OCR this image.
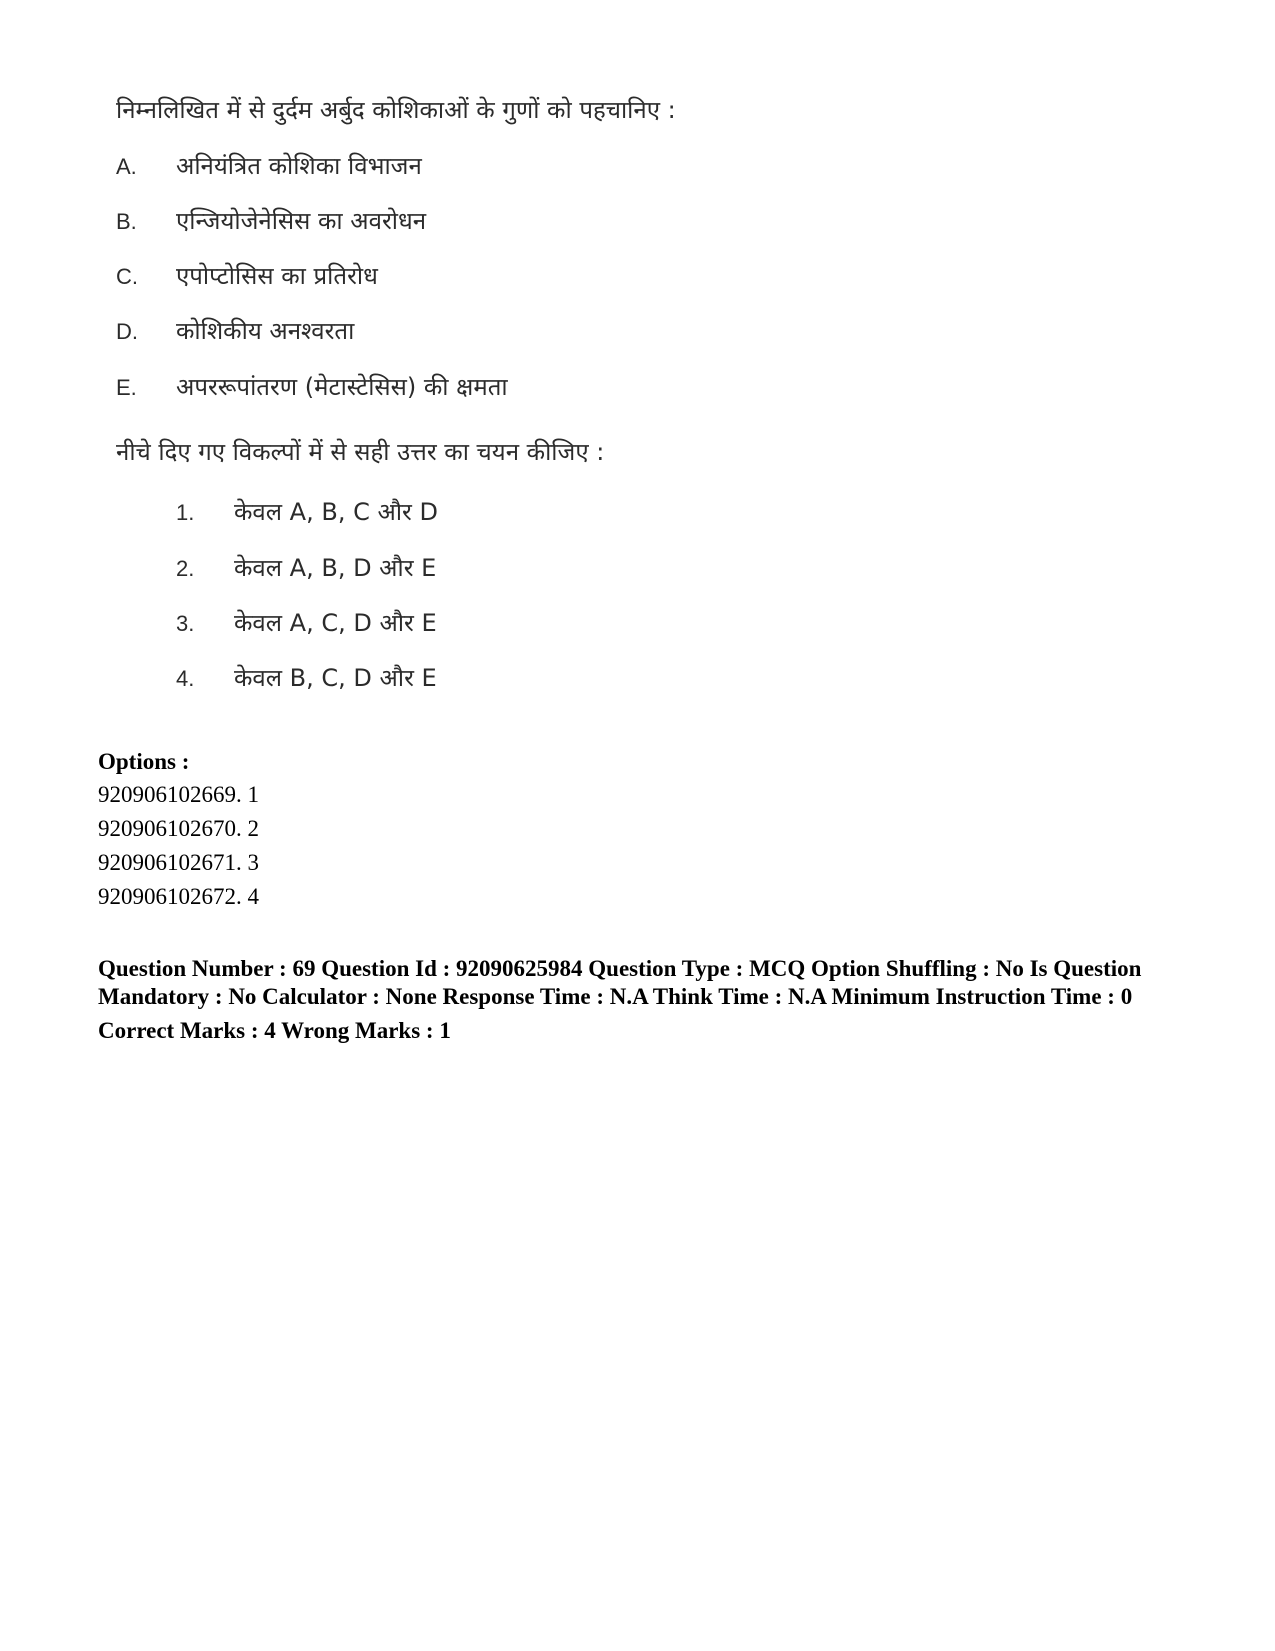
निम्नलिखित में से दुर्दम अर्बुद कोशिकाओं के गुणों को पहचानिए :
A. अनियंत्रित कोशिका विभाजन
B. एन्जियोजेनेसिस का अवरोधन
C. एपोप्टोसिस का प्रतिरोध
D. कोशिकीय अनश्वरता
E. अपररूपांतरण (मेटास्टेसिस) की क्षमता
नीचे दिए गए विकल्पों में से सही उत्तर का चयन कीजिए :
1. केवल A, B, C और D
2. केवल A, B, D और E
3. केवल A, C, D और E
4. केवल B, C, D और E
Options :
920906102669. 1
920906102670. 2
920906102671. 3
920906102672. 4
Question Number : 69 Question Id : 92090625984 Question Type : MCQ Option Shuffling : No Is Question Mandatory : No Calculator : None Response Time : N.A Think Time : N.A Minimum Instruction Time : 0
Correct Marks : 4 Wrong Marks : 1
